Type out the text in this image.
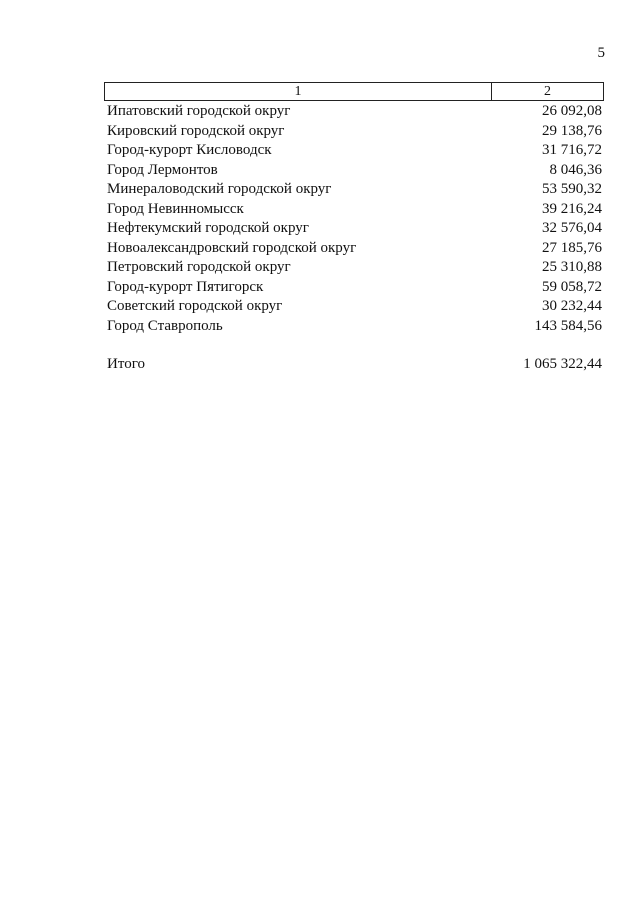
5
1	2
Ипатовский городской округ	26 092,08
Кировский городской округ	29 138,76
Город-курорт Кисловодск	31 716,72
Город Лермонтов	8 046,36
Минераловодский городской округ	53 590,32
Город Невинномысск	39 216,24
Нефтекумский городской округ	32 576,04
Новоалександровский городской округ	27 185,76
Петровский городской округ	25 310,88
Город-курорт Пятигорск	59 058,72
Советский городской округ	30 232,44
Город Ставрополь	143 584,56
Итого	1 065 322,44
